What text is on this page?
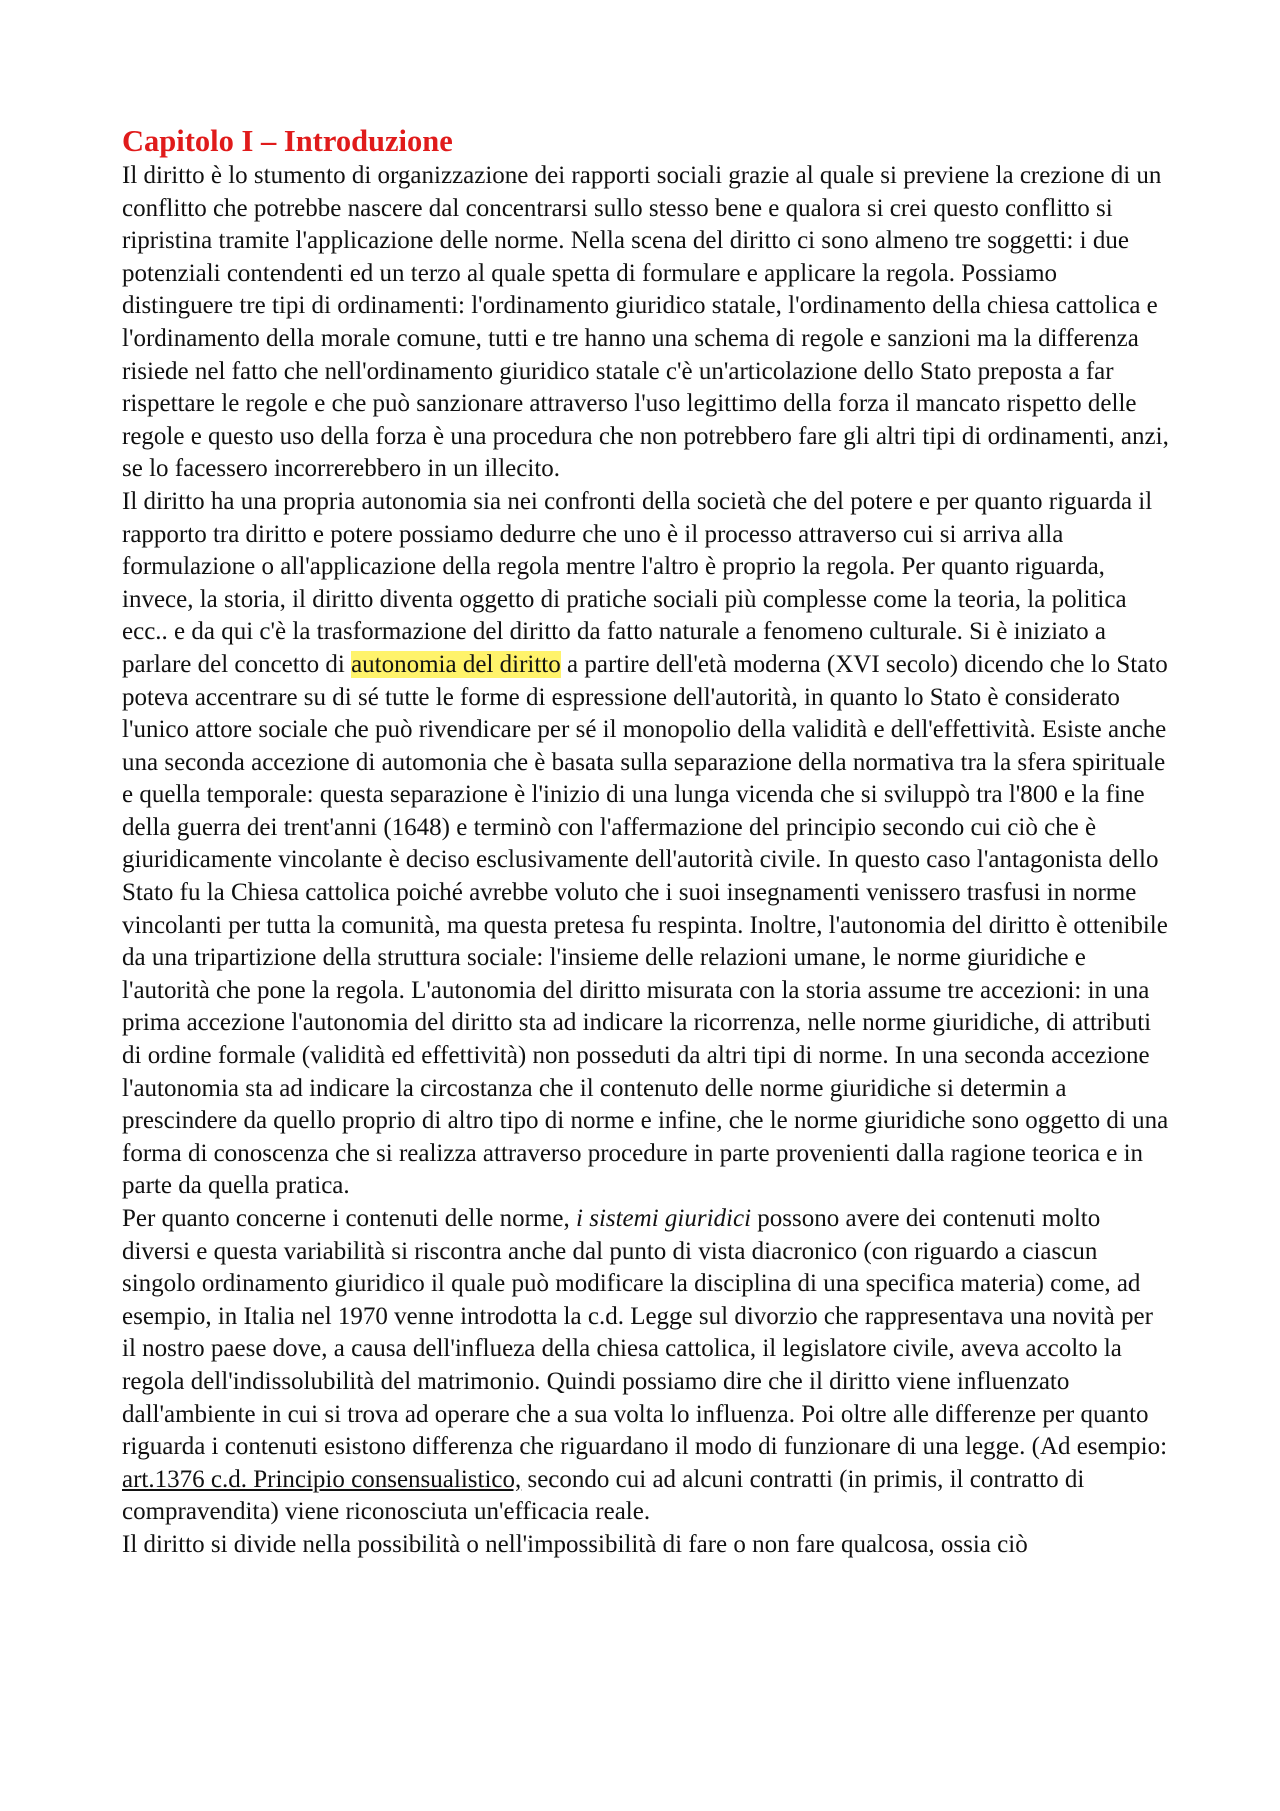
Capitolo I – Introduzione

Il diritto è lo stumento di organizzazione dei rapporti sociali grazie al quale si previene la crezione di un conflitto che potrebbe nascere dal concentrarsi sullo stesso bene e qualora si crei questo conflitto si ripristina tramite l'applicazione delle norme. Nella scena del diritto ci sono almeno tre soggetti: i due potenziali contendenti ed un terzo al quale spetta di formulare e applicare la regola. Possiamo distinguere tre tipi di ordinamenti: l'ordinamento giuridico statale, l'ordinamento della chiesa cattolica e l'ordinamento della morale comune, tutti e tre hanno una schema di regole e sanzioni ma la differenza risiede nel fatto che nell'ordinamento giuridico statale c'è un'articolazione dello Stato preposta a far rispettare le regole e che può sanzionare attraverso l'uso legittimo della forza il mancato rispetto delle regole e questo uso della forza è una procedura che non potrebbero fare gli altri tipi di ordinamenti, anzi, se lo facessero incorrerebbero in un illecito.

Il diritto ha una propria autonomia sia nei confronti della società che del potere e per quanto riguarda il rapporto tra diritto e potere possiamo dedurre che uno è il processo attraverso cui si arriva alla formulazione o all'applicazione della regola mentre l'altro è proprio la regola. Per quanto riguarda, invece, la storia, il diritto diventa oggetto di pratiche sociali più complesse come la teoria, la politica ecc.. e da qui c'è la trasformazione del diritto da fatto naturale a fenomeno culturale. Si è iniziato a parlare del concetto di autonomia del diritto a partire dell'età moderna (XVI secolo) dicendo che lo Stato poteva accentrare su di sé tutte le forme di espressione dell'autorità, in quanto lo Stato è considerato l'unico attore sociale che può rivendicare per sé il monopolio della validità e dell'effettività. Esiste anche una seconda accezione di automonia che è basata sulla separazione della normativa tra la sfera spirituale e quella temporale: questa separazione è l'inizio di una lunga vicenda che si sviluppò tra l'800 e la fine della guerra dei trent'anni (1648) e terminò con l'affermazione del principio secondo cui ciò che è giuridicamente vincolante è deciso esclusivamente dell'autorità civile. In questo caso l'antagonista dello Stato fu la Chiesa cattolica poiché avrebbe voluto che i suoi insegnamenti venissero trasfusi in norme vincolanti per tutta la comunità, ma questa pretesa fu respinta. Inoltre, l'autonomia del diritto è ottenibile da una tripartizione della struttura sociale: l'insieme delle relazioni umane, le norme giuridiche e l'autorità che pone la regola. L'autonomia del diritto misurata con la storia assume tre accezioni: in una prima accezione l'autonomia del diritto sta ad indicare la ricorrenza, nelle norme giuridiche, di attributi di ordine formale (validità ed effettività) non posseduti da altri tipi di norme. In una seconda accezione l'autonomia sta ad indicare la circostanza che il contenuto delle norme giuridiche si determin a prescindere da quello proprio di altro tipo di norme e infine, che le norme giuridiche sono oggetto di una forma di conoscenza che si realizza attraverso procedure in parte provenienti dalla ragione teorica e in parte da quella pratica.

Per quanto concerne i contenuti delle norme, i sistemi giuridici possono avere dei contenuti molto diversi e questa variabilità si riscontra anche dal punto di vista diacronico (con riguardo a ciascun singolo ordinamento giuridico il quale può modificare la disciplina di una specifica materia) come, ad esempio, in Italia nel 1970 venne introdotta la c.d. Legge sul divorzio che rappresentava una novità per il nostro paese dove, a causa dell'influeza della chiesa cattolica, il legislatore civile, aveva accolto la regola dell'indissolubilità del matrimonio. Quindi possiamo dire che il diritto viene influenzato dall'ambiente in cui si trova ad operare che a sua volta lo influenza. Poi oltre alle differenze per quanto riguarda i contenuti esistono differenza che riguardano il modo di funzionare di una legge. (Ad esempio: art.1376 c.d. Principio consensualistico, secondo cui ad alcuni contratti (in primis, il contratto di compravendita) viene riconosciuta un'efficacia reale.

Il diritto si divide nella possibilità o nell'impossibilità di fare o non fare qualcosa, ossia ciò
